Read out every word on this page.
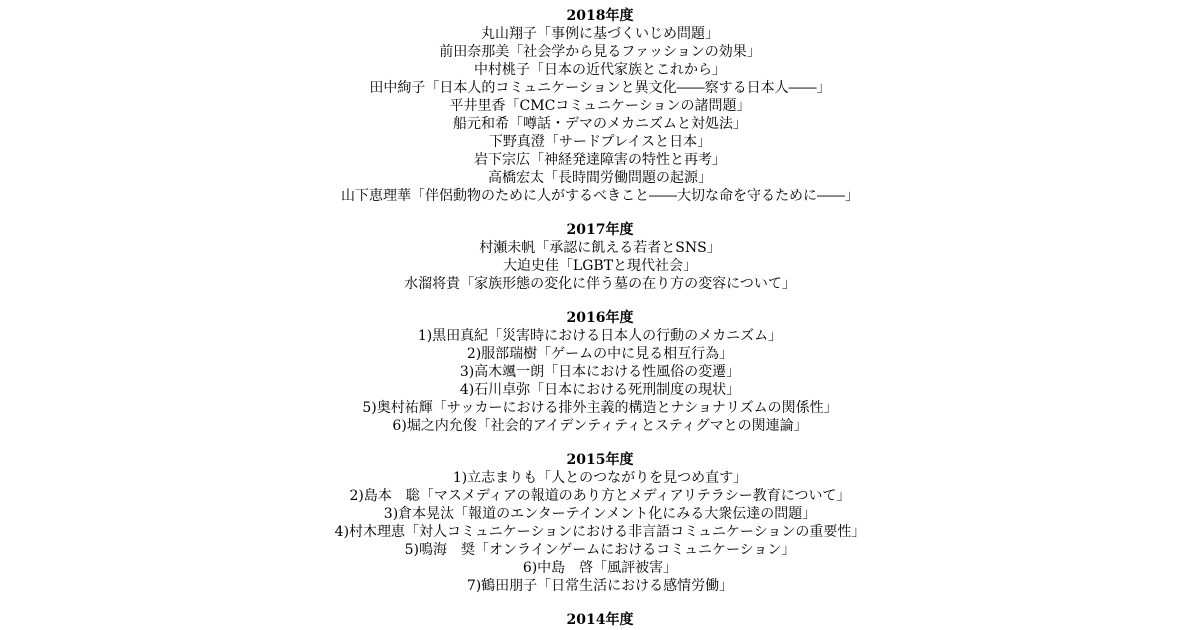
2018年度

丸山翔子「事例に基づくいじめ問題」

前田奈那美「社会学から見るファッションの効果」

中村桃子「日本の近代家族とこれから」

田中絢子「日本人的コミュニケーションと異文化――察する日本人――」

平井里香「CMCコミュニケーションの諸問題」

船元和希「噂話・デマのメカニズムと対処法」

下野真澄「サードプレイスと日本」

岩下宗広「神経発達障害の特性と再考」

高橋宏太「長時間労働問題の起源」

山下恵理華「伴侶動物のために人がするべきこと――大切な命を守るために――」

2017年度

村瀬未帆「承認に飢える若者とSNS」

大迫史佳「LGBTと現代社会」

水溜将貴「家族形態の変化に伴う墓の在り方の変容について」

2016年度

1)黒田真紀「災害時における日本人の行動のメカニズム」

2)服部瑞樹「ゲームの中に見る相互行為」

3)高木颯一朗「日本における性風俗の変遷」

4)石川卓弥「日本における死刑制度の現状」

5)奥村祐輝「サッカーにおける排外主義的構造とナショナリズムの関係性」

6)堀之内允俊「社会的アイデンティティとスティグマとの関連論」

2015年度

1)立志まりも「人とのつながりを見つめ直す」

2)島本　聡「マスメディアの報道のあり方とメディアリテラシー教育について」

3)倉本晃汰「報道のエンターテインメント化にみる大衆伝達の問題」

4)村木理恵「対人コミュニケーションにおける非言語コミュニケーションの重要性」

5)鳴海　奨「オンラインゲームにおけるコミュニケーション」

6)中島　啓「風評被害」

7)鶴田朋子「日常生活における感情労働」

2014年度
